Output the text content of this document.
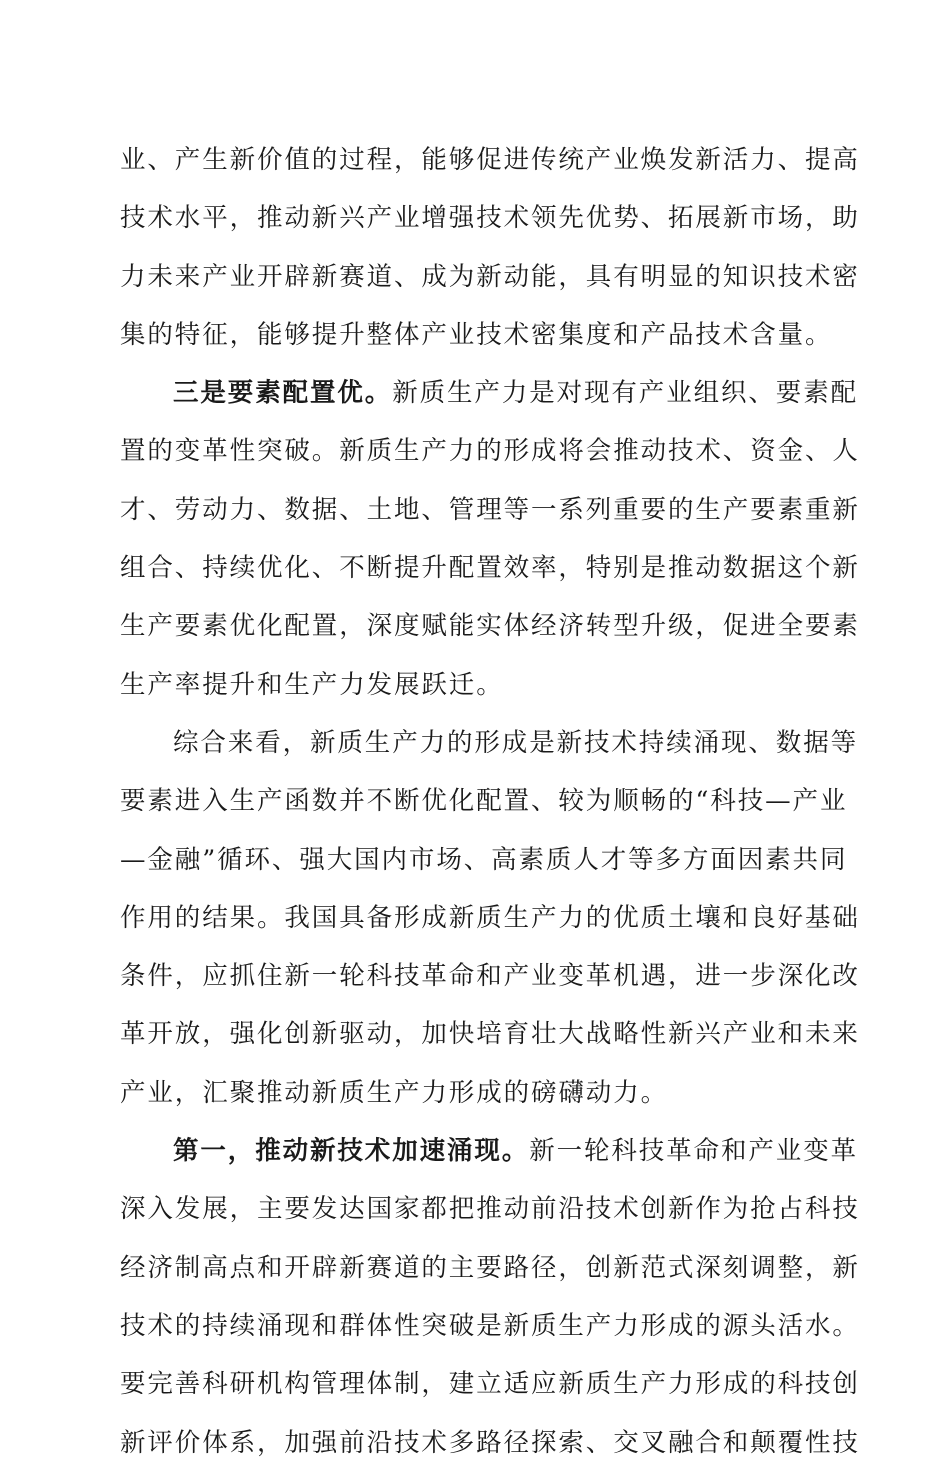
业、产生新价值的过程，能够促进传统产业焕发新活力、提高
技术水平，推动新兴产业增强技术领先优势、拓展新市场，助
力未来产业开辟新赛道、成为新动能，具有明显的知识技术密
集的特征，能够提升整体产业技术密集度和产品技术含量。
三是要素配置优。新质生产力是对现有产业组织、要素配
置的变革性突破。新质生产力的形成将会推动技术、资金、人
才、劳动力、数据、土地、管理等一系列重要的生产要素重新
组合、持续优化、不断提升配置效率，特别是推动数据这个新
生产要素优化配置，深度赋能实体经济转型升级，促进全要素
生产率提升和生产力发展跃迁。
综合来看，新质生产力的形成是新技术持续涌现、数据等
要素进入生产函数并不断优化配置、较为顺畅的“科技—产业
—金融”循环、强大国内市场、高素质人才等多方面因素共同
作用的结果。我国具备形成新质生产力的优质土壤和良好基础
条件，应抓住新一轮科技革命和产业变革机遇，进一步深化改
革开放，强化创新驱动，加快培育壮大战略性新兴产业和未来
产业，汇聚推动新质生产力形成的磅礴动力。
第一，推动新技术加速涌现。新一轮科技革命和产业变革
深入发展，主要发达国家都把推动前沿技术创新作为抢占科技
经济制高点和开辟新赛道的主要路径，创新范式深刻调整，新
技术的持续涌现和群体性突破是新质生产力形成的源头活水。
要完善科研机构管理体制，建立适应新质生产力形成的科技创
新评价体系，加强前沿技术多路径探索、交叉融合和颠覆性技
